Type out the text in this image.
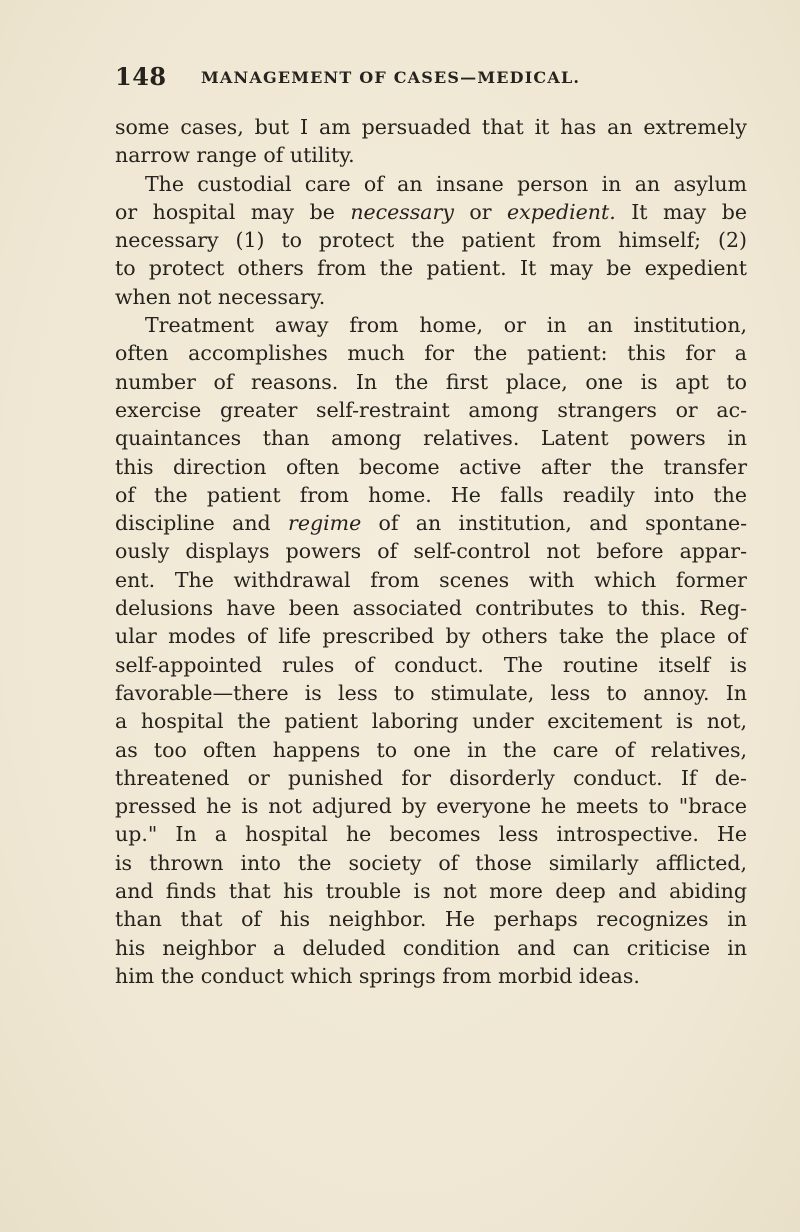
148 MANAGEMENT OF CASES—MEDICAL.
some cases, but I am persuaded that it has an extremely
narrow range of utility.
The custodial care of an insane person in an asylum
or hospital may be necessary or expedient. It may be
necessary (1) to protect the patient from himself; (2)
to protect others from the patient. It may be expedient
when not necessary.
Treatment away from home, or in an institution,
often accomplishes much for the patient: this for a
number of reasons. In the first place, one is apt to
exercise greater self-restraint among strangers or ac-
quaintances than among relatives. Latent powers in
this direction often become active after the transfer
of the patient from home. He falls readily into the
discipline and regime of an institution, and spontane-
ously displays powers of self-control not before appar-
ent. The withdrawal from scenes with which former
delusions have been associated contributes to this. Reg-
ular modes of life prescribed by others take the place of
self-appointed rules of conduct. The routine itself is
favorable—there is less to stimulate, less to annoy. In
a hospital the patient laboring under excitement is not,
as too often happens to one in the care of relatives,
threatened or punished for disorderly conduct. If de-
pressed he is not adjured by everyone he meets to "brace
up." In a hospital he becomes less introspective. He
is thrown into the society of those similarly afflicted,
and finds that his trouble is not more deep and abiding
than that of his neighbor. He perhaps recognizes in
his neighbor a deluded condition and can criticise in
him the conduct which springs from morbid ideas.
